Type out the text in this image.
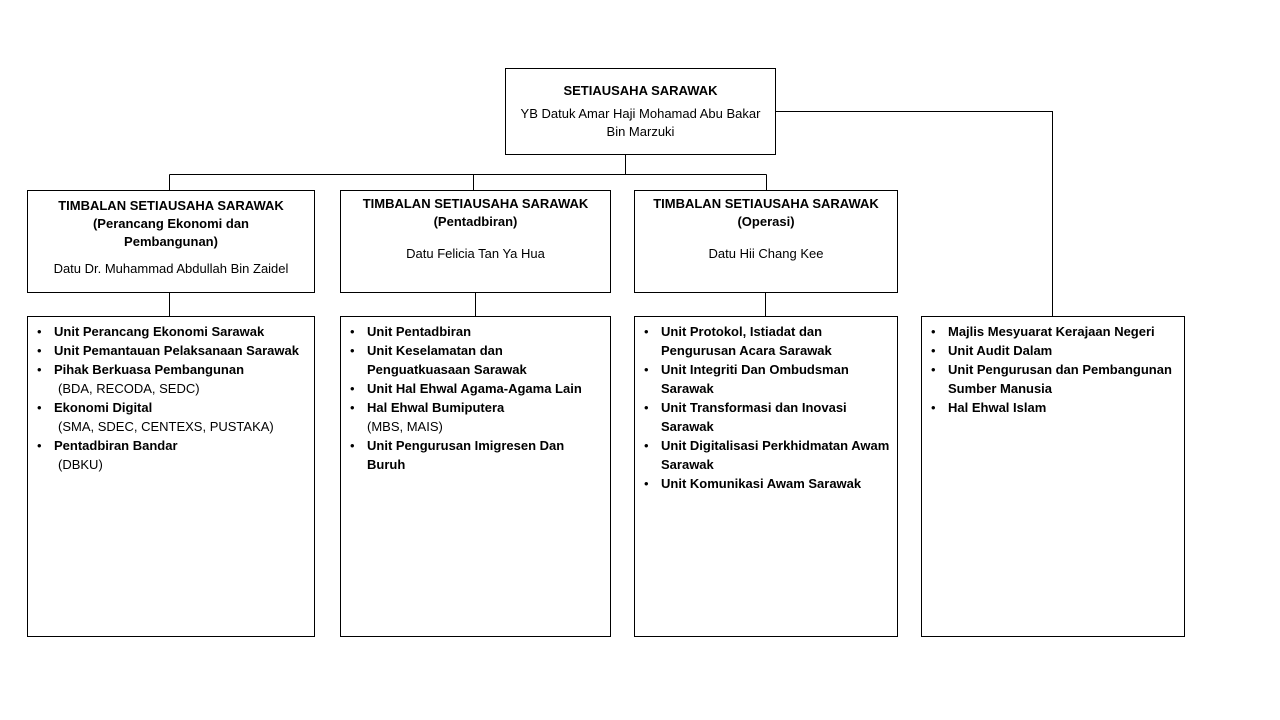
SETIAUSAHA SARAWAK
YB Datuk Amar Haji Mohamad Abu Bakar
Bin Marzuki
TIMBALAN SETIAUSAHA SARAWAK
(Perancang Ekonomi dan Pembangunan)
Datu Dr. Muhammad Abdullah Bin Zaidel
TIMBALAN SETIAUSAHA SARAWAK
(Pentadbiran)
Datu Felicia Tan Ya Hua
TIMBALAN SETIAUSAHA SARAWAK
(Operasi)
Datu Hii Chang Kee
• Unit Perancang Ekonomi Sarawak
• Unit Pemantauan Pelaksanaan Sarawak
• Pihak Berkuasa Pembangunan
(BDA, RECODA, SEDC)
• Ekonomi Digital
(SMA, SDEC, CENTEXS, PUSTAKA)
• Pentadbiran Bandar
(DBKU)
• Unit Pentadbiran
• Unit Keselamatan dan Penguatkuasaan Sarawak
• Unit Hal Ehwal Agama-Agama Lain
• Hal Ehwal Bumiputera
(MBS, MAIS)
• Unit Pengurusan Imigresen Dan Buruh
• Unit Protokol, Istiadat dan Pengurusan Acara Sarawak
• Unit Integriti Dan Ombudsman Sarawak
• Unit Transformasi dan Inovasi Sarawak
• Unit Digitalisasi Perkhidmatan Awam Sarawak
• Unit Komunikasi Awam Sarawak
• Majlis Mesyuarat Kerajaan Negeri
• Unit Audit Dalam
• Unit Pengurusan dan Pembangunan Sumber Manusia
• Hal Ehwal Islam
